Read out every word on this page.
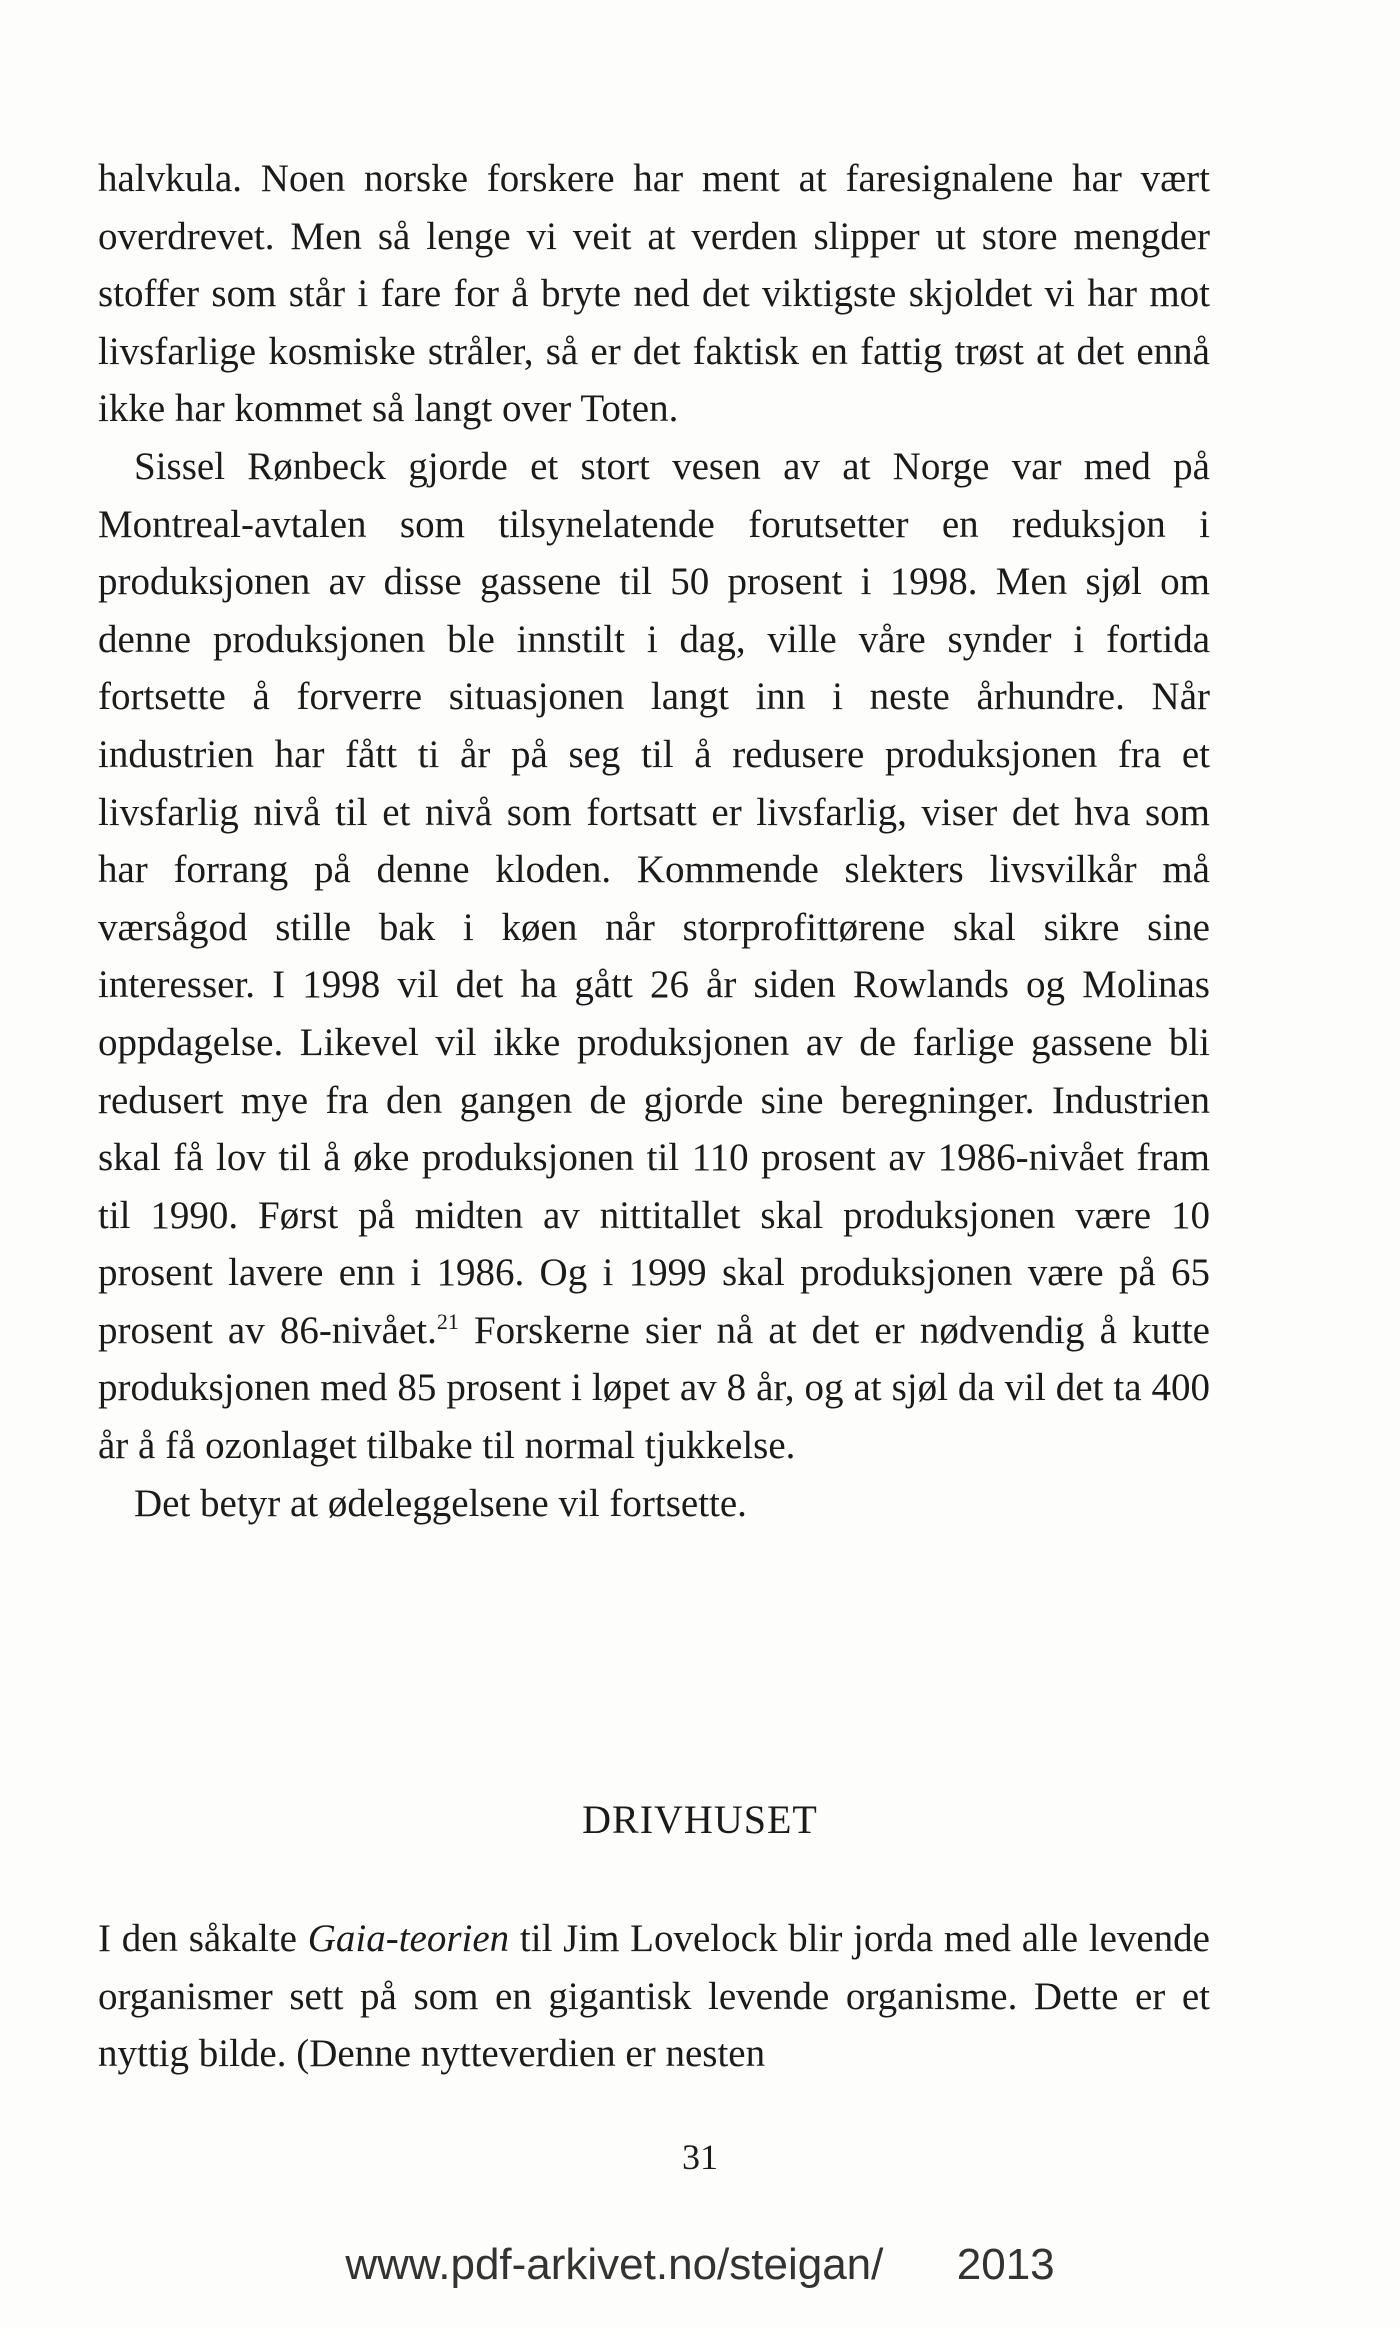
halvkula. Noen norske forskere har ment at faresignalene har vært overdrevet. Men så lenge vi veit at verden slipper ut store mengder stoffer som står i fare for å bryte ned det viktigste skjoldet vi har mot livsfarlige kosmiske stråler, så er det faktisk en fattig trøst at det ennå ikke har kommet så langt over Toten.

Sissel Rønbeck gjorde et stort vesen av at Norge var med på Montreal-avtalen som tilsynelatende forutsetter en reduksjon i produksjonen av disse gassene til 50 prosent i 1998. Men sjøl om denne produksjonen ble innstilt i dag, ville våre synder i fortida fortsette å forverre situasjonen langt inn i neste århundre. Når industrien har fått ti år på seg til å redusere produksjonen fra et livsfarlig nivå til et nivå som fortsatt er livsfarlig, viser det hva som har forrang på denne kloden. Kommende slekters livsvilkår må værsågod stille bak i køen når storprofittørene skal sikre sine interesser. I 1998 vil det ha gått 26 år siden Rowlands og Molinas oppdagelse. Likevel vil ikke produksjonen av de farlige gassene bli redusert mye fra den gangen de gjorde sine beregninger. Industrien skal få lov til å øke produksjonen til 110 prosent av 1986-nivået fram til 1990. Først på midten av nittitallet skal produksjonen være 10 prosent lavere enn i 1986. Og i 1999 skal produksjonen være på 65 prosent av 86-nivået.$^{21}$ Forskerne sier nå at det er nødvendig å kutte produksjonen med 85 prosent i løpet av 8 år, og at sjøl da vil det ta 400 år å få ozonlaget tilbake til normal tjukkelse.

Det betyr at ødeleggelsene vil fortsette.

DRIVHUSET

I den såkalte Gaia-teorien til Jim Lovelock blir jorda med alle levende organismer sett på som en gigantisk levende organisme. Dette er et nyttig bilde. (Denne nytteverdien er nesten

31
www.pdf-arkivet.no/steigan/ 2013
